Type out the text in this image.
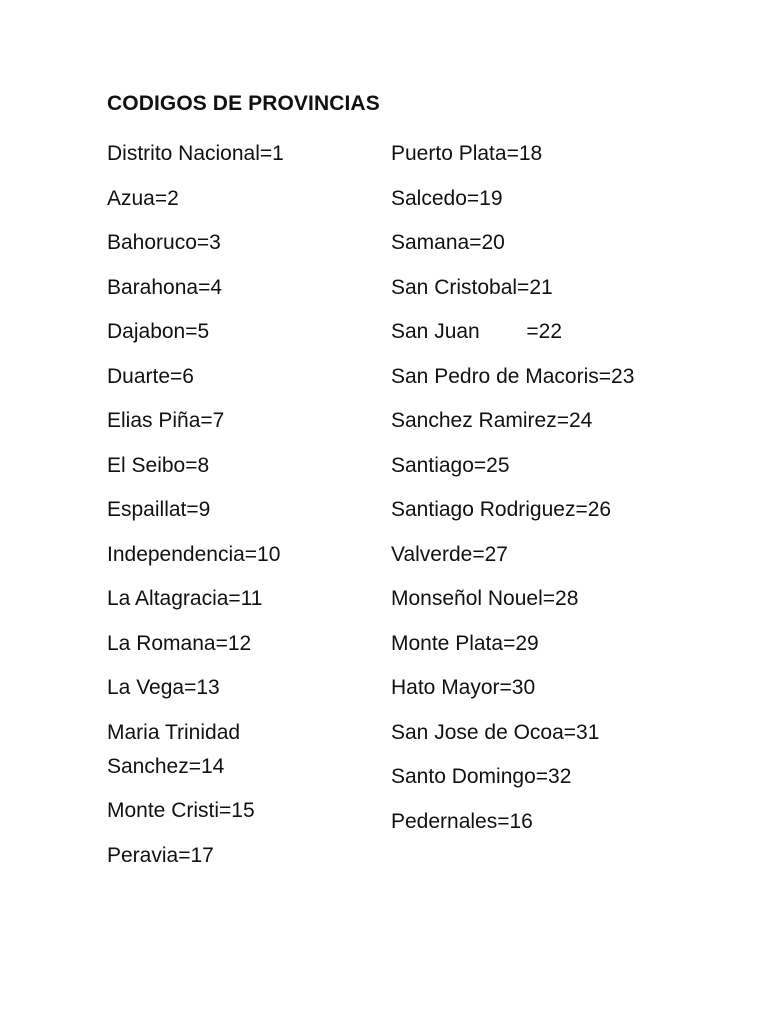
CODIGOS DE PROVINCIAS
Distrito Nacional=1
Azua=2
Bahoruco=3
Barahona=4
Dajabon=5
Duarte=6
Elias Piña=7
El Seibo=8
Espaillat=9
Independencia=10
La Altagracia=11
La Romana=12
La Vega=13
Maria Trinidad Sanchez=14
Monte Cristi=15
Peravia=17
Puerto Plata=18
Salcedo=19
Samana=20
San Cristobal=21
San Juan        =22
San Pedro de Macoris=23
Sanchez Ramirez=24
Santiago=25
Santiago Rodriguez=26
Valverde=27
Monseñol Nouel=28
Monte Plata=29
Hato Mayor=30
San Jose de Ocoa=31
Santo Domingo=32
Pedernales=16
